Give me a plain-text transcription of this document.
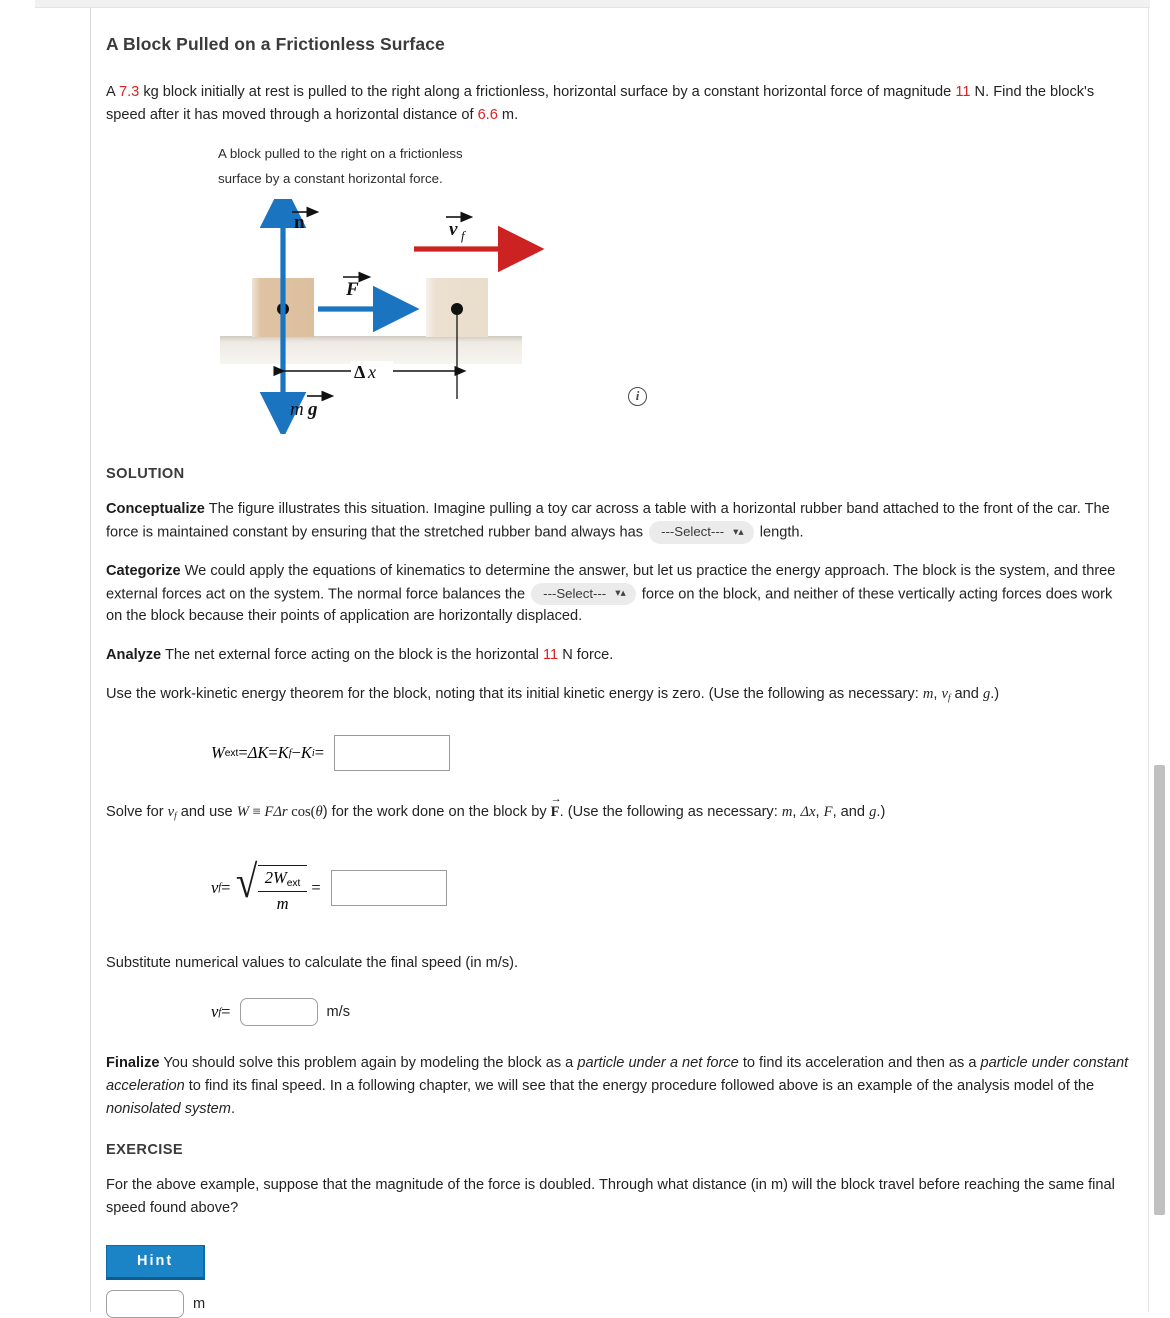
A Block Pulled on a Frictionless Surface

A 7.3 kg block initially at rest is pulled to the right along a frictionless, horizontal surface by a constant horizontal force of magnitude 11 N. Find the block's speed after it has moved through a horizontal distance of 6.6 m.

A block pulled to the right on a frictionless
surface by a constant horizontal force.
n
m g
F
v f
Δ x
i
SOLUTION

Conceptualize The figure illustrates this situation. Imagine pulling a toy car across a table with a horizontal rubber band attached to the front of the car. The force is maintained constant by ensuring that the stretched rubber band always has ---Select--- ▾▴ length.

Categorize We could apply the equations of kinematics to determine the answer, but let us practice the energy approach. The block is the system, and three external forces act on the system. The normal force balances the ---Select--- ▾▴ force on the block, and neither of these vertically acting forces does work on the block because their points of application are horizontally displaced.

Analyze The net external force acting on the block is the horizontal 11 N force.

Use the work-kinetic energy theorem for the block, noting that its initial kinetic energy is zero. (Use the following as necessary: m, $v_f$ and g.)

W ext = ΔK = K f − K i =

Solve for $v_f$ and use W ≡ FΔr cos(θ) for the work done on the block by
→
F. (Use the following as necessary: m, Δx, F, and g.)

v f = √ $\frac{2W_{ext}}{m}$ =

Substitute numerical values to calculate the final speed (in m/s).

v f =	m/s

Finalize You should solve this problem again by modeling the block as a particle under a net force to find its acceleration and then as a particle under constant acceleration to find its final speed. In a following chapter, we will see that the energy procedure followed above is an example of the analysis model of the nonisolated system.

EXERCISE

For the above example, suppose that the magnitude of the force is doubled. Through what distance (in m) will the block travel before reaching the same final speed found above?

Hint
m
